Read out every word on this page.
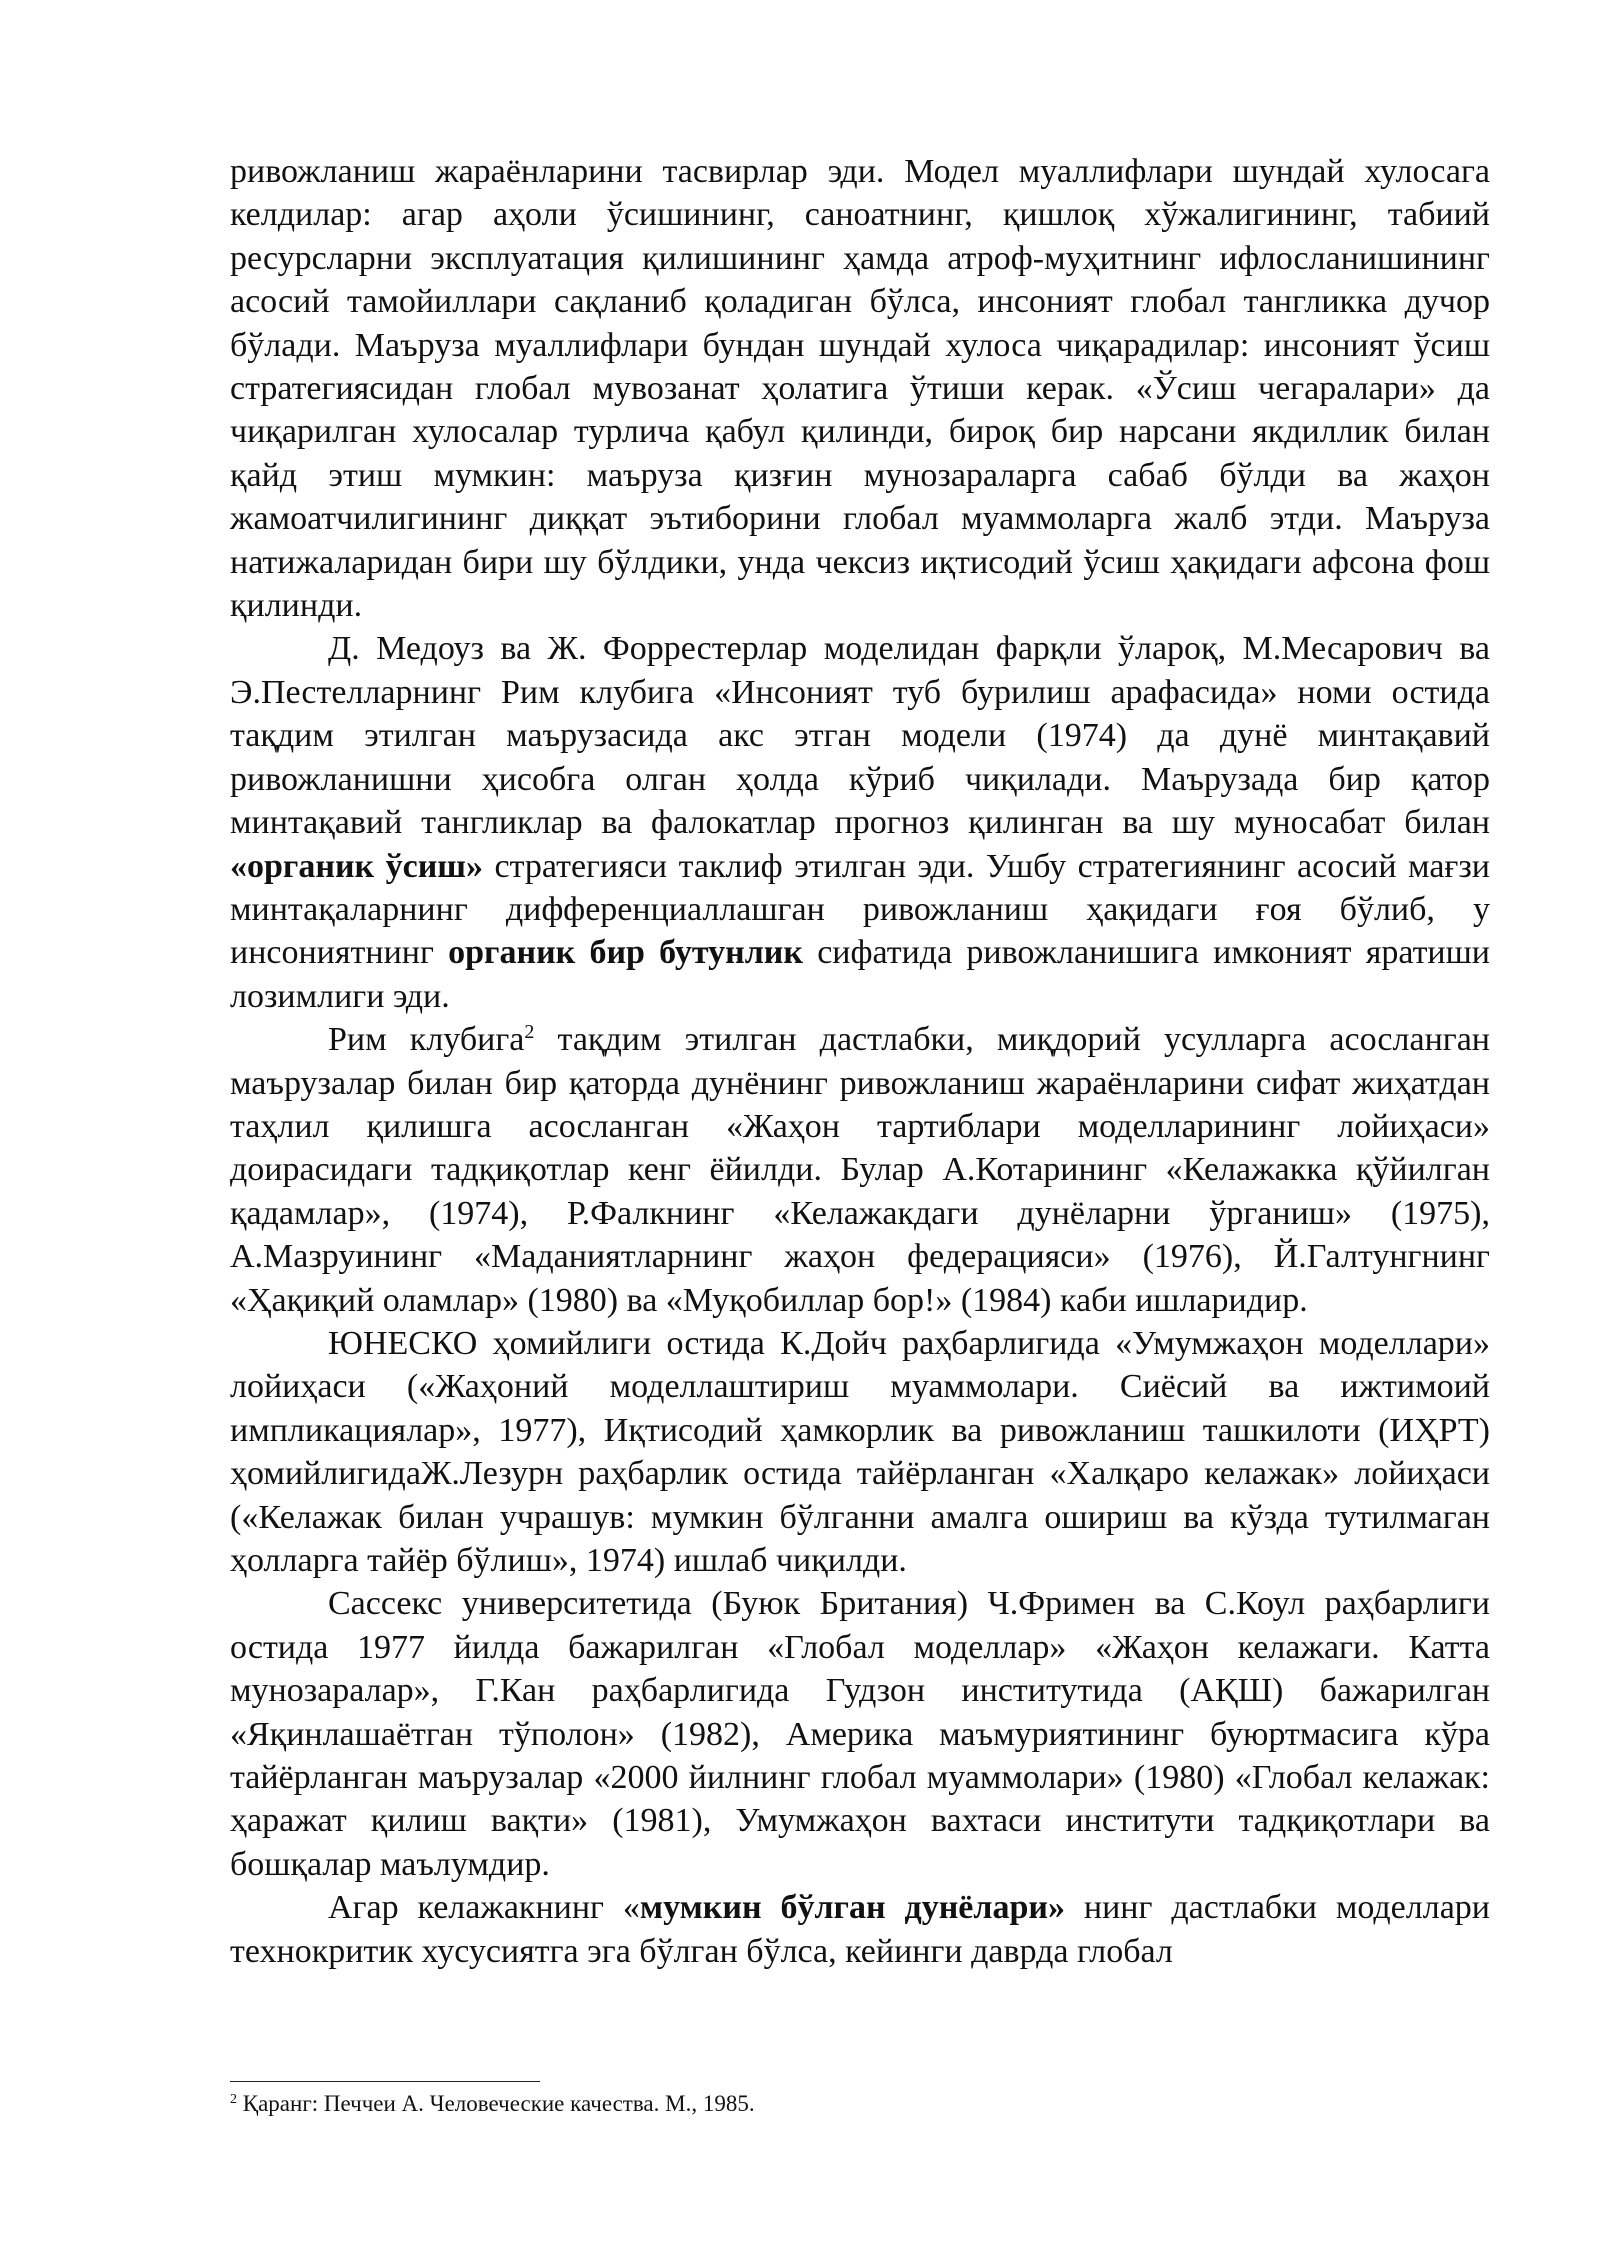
ривожланиш жараёнларини тасвирлар эди. Модел муаллифлари шундай хулосага келдилар: агар аҳоли ўсишининг, саноатнинг, қишлоқ хўжалигининг, табиий ресурсларни эксплуатация қилишининг ҳамда атроф-муҳитнинг ифлосланишининг асосий тамойиллари сақланиб қоладиган бўлса, инсоният глобал тангликка дучор бўлади. Маъруза муаллифлари бундан шундай хулоса чиқарадилар: инсоният ўсиш стратегиясидан глобал мувозанат ҳолатига ўтиши керак. «Ўсиш чегаралари» да чиқарилган хулосалар турлича қабул қилинди, бироқ бир нарсани якдиллик билан қайд этиш мумкин: маъруза қизғин мунозараларга сабаб бўлди ва жаҳон жамоатчилигининг диққат эътиборини глобал муаммоларга жалб этди. Маъруза натижаларидан бири шу бўлдики, унда чексиз иқтисодий ўсиш ҳақидаги афсона фош қилинди.

Д. Медоуз ва Ж. Форрестерлар моделидан фарқли ўлароқ, М.Месарович ва Э.Пестелларнинг Рим клубига «Инсоният туб бурилиш арафасида» номи остида тақдим этилган маърузасида акс этган модели (1974) да дунё минтақавий ривожланишни ҳисобга олган ҳолда кўриб чиқилади. Маърузада бир қатор минтақавий тангликлар ва фалокатлар прогноз қилинган ва шу муносабат билан «органик ўсиш» стратегияси таклиф этилган эди. Ушбу стратегиянинг асосий мағзи минтақаларнинг дифференциаллашган ривожланиш ҳақидаги ғоя бўлиб, у инсониятнинг органик бир бутунлик сифатида ривожланишига имконият яратиши лозимлиги эди.

Рим клубига$^2$ тақдим этилган дастлабки, миқдорий усулларга асосланган маърузалар билан бир қаторда дунёнинг ривожланиш жараёнларини сифат жиҳатдан таҳлил қилишга асосланган «Жаҳон тартиблари моделларининг лойиҳаси» доирасидаги тадқиқотлар кенг ёйилди. Булар А.Котарининг «Келажакка қўйилган қадамлар», (1974), Р.Фалкнинг «Келажакдаги дунёларни ўрганиш» (1975), А.Мазруининг «Маданиятларнинг жаҳон федерацияси» (1976), Й.Галтунгнинг «Ҳақиқий оламлар» (1980) ва «Муқобиллар бор!» (1984) каби ишларидир.

ЮНЕСКО ҳомийлиги остида К.Дойч раҳбарлигида «Умумжаҳон моделлари» лойиҳаси («Жаҳоний моделлаштириш муаммолари. Сиёсий ва ижтимоий импликациялар», 1977), Иқтисодий ҳамкорлик ва ривожланиш ташкилоти (ИҲРТ) ҳомийлигидаЖ.Лезурн раҳбарлик остида тайёрланган «Халқаро келажак» лойиҳаси («Келажак билан учрашув: мумкин бўлганни амалга ошириш ва кўзда тутилмаган ҳолларга тайёр бўлиш», 1974) ишлаб чиқилди.

Сассекс университетида (Буюк Британия) Ч.Фримен ва С.Коул раҳбарлиги остида 1977 йилда бажарилган «Глобал моделлар» «Жаҳон келажаги. Катта мунозаралар», Г.Кан раҳбарлигида Гудзон институтида (АҚШ) бажарилган «Яқинлашаётган тўполон» (1982), Америка маъмуриятининг буюртмасига кўра тайёрланган маърузалар «2000 йилнинг глобал муаммолари» (1980) «Глобал келажак: ҳаражат қилиш вақти» (1981), Умумжаҳон вахтаси институти тадқиқотлари ва бошқалар маълумдир.

Агар келажакнинг «мумкин бўлган дунёлари» нинг дастлабки моделлари технокритик хусусиятга эга бўлган бўлса, кейинги даврда глобал

$^2$ Қаранг: Печчеи А. Человеческие качества. М., 1985.
